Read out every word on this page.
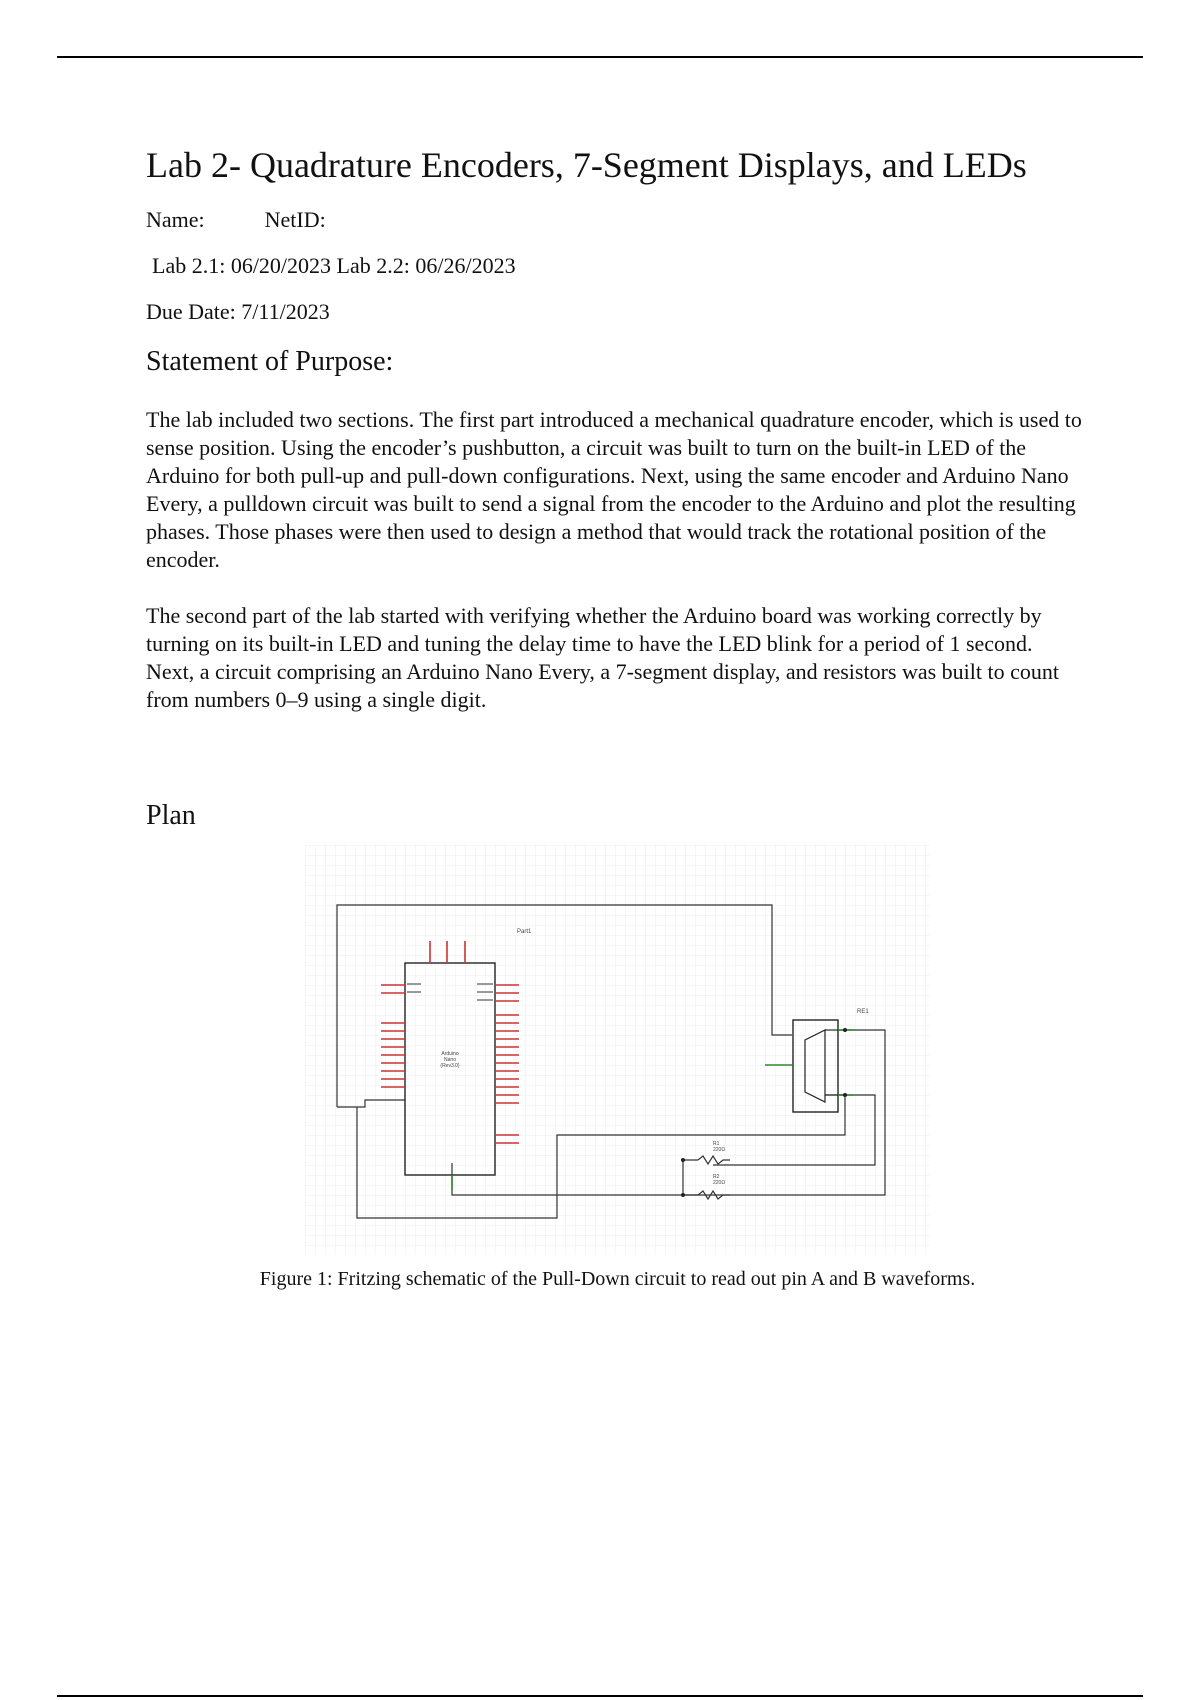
Lab 2- Quadrature Encoders, 7-Segment Displays, and LEDs

Name:	NetID:

Lab 2.1: 06/20/2023 Lab 2.2: 06/26/2023

Due Date: 7/11/2023

Statement of Purpose:

The lab included two sections. The first part introduced a mechanical quadrature encoder, which is used to sense position. Using the encoder’s pushbutton, a circuit was built to turn on the built-in LED of the Arduino for both pull-up and pull-down configurations. Next, using the same encoder and Arduino Nano Every, a pulldown circuit was built to send a signal from the encoder to the Arduino and plot the resulting phases. Those phases were then used to design a method that would track the rotational position of the encoder.

The second part of the lab started with verifying whether the Arduino board was working correctly by turning on its built-in LED and tuning the delay time to have the LED blink for a period of 1 second. Next, a circuit comprising an Arduino Nano Every, a 7-segment display, and resistors was built to count from numbers 0–9 using a single digit.

Plan
Arduino
Nano
(Rev3.0)
Part1
RE1
R1
220Ω
R2
220Ω
Figure 1: Fritzing schematic of the Pull-Down circuit to read out pin A and B waveforms.
